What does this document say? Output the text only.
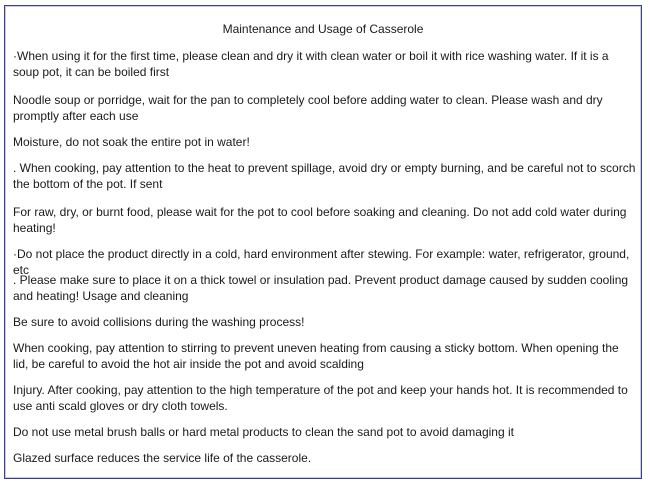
Maintenance and Usage of Casserole

·When using it for the first time, please clean and dry it with clean water or boil it with rice washing water. If it is a soup pot, it can be boiled first

Noodle soup or porridge, wait for the pan to completely cool before adding water to clean. Please wash and dry promptly after each use

Moisture, do not soak the entire pot in water!

. When cooking, pay attention to the heat to prevent spillage, avoid dry or empty burning, and be careful not to scorch the bottom of the pot. If sent

For raw, dry, or burnt food, please wait for the pot to cool before soaking and cleaning. Do not add cold water during heating!

·Do not place the product directly in a cold, hard environment after stewing. For example: water, refrigerator, ground, etc

. Please make sure to place it on a thick towel or insulation pad. Prevent product damage caused by sudden cooling and heating! Usage and cleaning

Be sure to avoid collisions during the washing process!

When cooking, pay attention to stirring to prevent uneven heating from causing a sticky bottom. When opening the lid, be careful to avoid the hot air inside the pot and avoid scalding

Injury. After cooking, pay attention to the high temperature of the pot and keep your hands hot. It is recommended to use anti scald gloves or dry cloth towels.

Do not use metal brush balls or hard metal products to clean the sand pot to avoid damaging it

Glazed surface reduces the service life of the casserole.
